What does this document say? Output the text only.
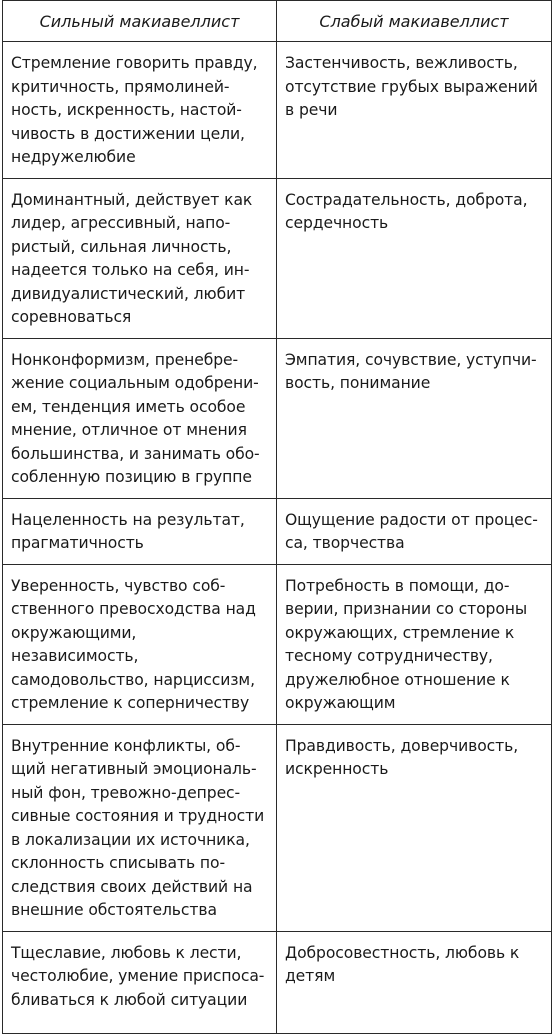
Сильный макиавеллист	Слабый макиавеллист
Стремление говорить правду, критичность, прямолинейность, искренность, настойчивость в достижении цели, недружелюбие	Застенчивость, вежливость, отсутствие грубых выражений в речи
Доминантный, действует как лидер, агрессивный, напористый, сильная личность, надеется только на себя, индивидуалистический, любит соревноваться	Сострадательность, доброта, сердечность
Нонконформизм, пренебрежение социальным одобрением, тенденция иметь особое мнение, отличное от мнения большинства, и занимать обособленную позицию в группе	Эмпатия, сочувствие, уступчивость, понимание
Нацеленность на результат, прагматичность	Ощущение радости от процесса, творчества
Уверенность, чувство собственного превосходства над окружающими, независимость, самодовольство, нарциссизм, стремление к соперничеству	Потребность в помощи, доверии, признании со стороны окружающих, стремление к тесному сотрудничеству, дружелюбное отношение к окружающим
Внутренние конфликты, общий негативный эмоциональный фон, тревожно-депрессивные состояния и трудности в локализации их источника, склонность списывать последствия своих действий на внешние обстоятельства	Правдивость, доверчивость, искренность
Тщеславие, любовь к лести, честолюбие, умение приспосабливаться к любой ситуации	Добросовестность, любовь к детям
